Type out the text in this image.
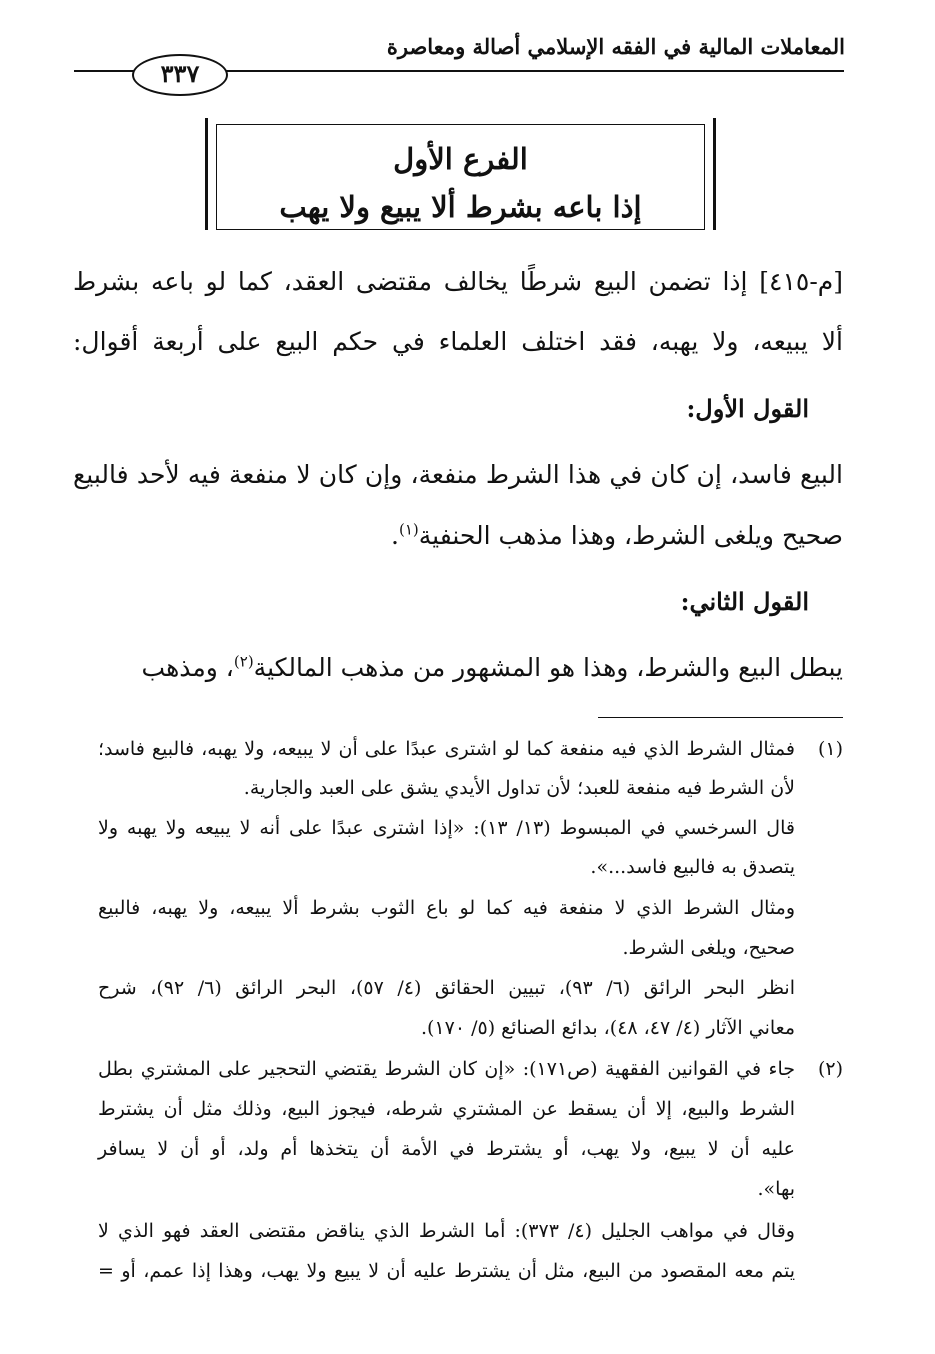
المعاملات المالية في الفقه الإسلامي أصالة ومعاصرة
٣٣٧
الفرع الأول
إذا باعه بشرط ألا يبيع ولا يهب
[م-٤١٥] إذا تضمن البيع شرطًا يخالف مقتضى العقد، كما لو باعه بشرط
ألا يبيعه، ولا يهبه، فقد اختلف العلماء في حكم البيع على أربعة أقوال:
القول الأول:
البيع فاسد، إن كان في هذا الشرط منفعة، وإن كان لا منفعة فيه لأحد فالبيع
صحيح ويلغى الشرط، وهذا مذهب الحنفية$^{(١)}$.
القول الثاني:
يبطل البيع والشرط، وهذا هو المشهور من مذهب المالكية$^{(٢)}$، ومذهب
(١)
فمثال الشرط الذي فيه منفعة كما لو اشترى عبدًا على أن لا يبيعه، ولا يهبه، فالبيع فاسد؛
لأن الشرط فيه منفعة للعبد؛ لأن تداول الأيدي يشق على العبد والجارية.
قال السرخسي في المبسوط (١٣/ ١٣): «إذا اشترى عبدًا على أنه لا يبيعه ولا يهبه ولا
يتصدق به فالبيع فاسد...».
ومثال الشرط الذي لا منفعة فيه كما لو باع الثوب بشرط ألا يبيعه، ولا يهبه، فالبيع
صحيح، ويلغى الشرط.
انظر البحر الرائق (٦/ ٩٣)، تبيين الحقائق (٤/ ٥٧)، البحر الرائق (٦/ ٩٢)، شرح
معاني الآثار (٤/ ٤٧، ٤٨)، بدائع الصنائع (٥/ ١٧٠).
(٢)
جاء في القوانين الفقهية (ص١٧١): «إن كان الشرط يقتضي التحجير على المشتري بطل
الشرط والبيع، إلا أن يسقط عن المشتري شرطه، فيجوز البيع، وذلك مثل أن يشترط
عليه أن لا يبيع، ولا يهب، أو يشترط في الأمة أن يتخذها أم ولد، أو أن لا يسافر
بها».
وقال في مواهب الجليل (٤/ ٣٧٣): أما الشرط الذي يناقض مقتضى العقد فهو الذي لا
يتم معه المقصود من البيع، مثل أن يشترط عليه أن لا يبيع ولا يهب، وهذا إذا عمم، أو =
